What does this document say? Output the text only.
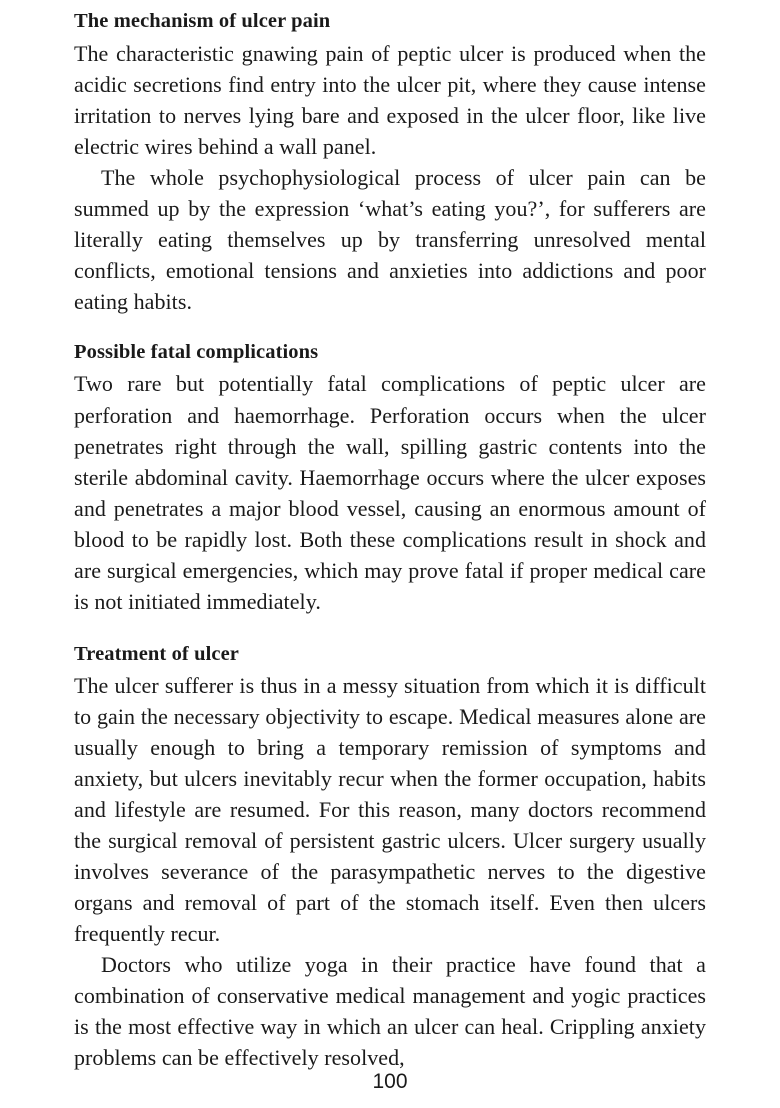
The mechanism of ulcer pain

The characteristic gnawing pain of peptic ulcer is produced when the acidic secretions find entry into the ulcer pit, where they cause intense irritation to nerves lying bare and exposed in the ulcer floor, like live electric wires behind a wall panel.

The whole psychophysiological process of ulcer pain can be summed up by the expression ‘what’s eating you?’, for sufferers are literally eating themselves up by transferring unresolved mental conflicts, emotional tensions and anxieties into addictions and poor eating habits.

Possible fatal complications

Two rare but potentially fatal complications of peptic ulcer are perforation and haemorrhage. Perforation occurs when the ulcer penetrates right through the wall, spilling gastric contents into the sterile abdominal cavity. Haemorrhage occurs where the ulcer exposes and penetrates a major blood vessel, causing an enormous amount of blood to be rapidly lost. Both these complications result in shock and are surgical emergencies, which may prove fatal if proper medical care is not initiated immediately.

Treatment of ulcer

The ulcer sufferer is thus in a messy situation from which it is difficult to gain the necessary objectivity to escape. Medical measures alone are usually enough to bring a temporary remission of symptoms and anxiety, but ulcers inevitably recur when the former occupation, habits and lifestyle are resumed. For this reason, many doctors recommend the surgical removal of persistent gastric ulcers. Ulcer surgery usually involves severance of the parasympathetic nerves to the digestive organs and removal of part of the stomach itself. Even then ulcers frequently recur.

Doctors who utilize yoga in their practice have found that a combination of conservative medical management and yogic practices is the most effective way in which an ulcer can heal. Crippling anxiety problems can be effectively resolved,

100
